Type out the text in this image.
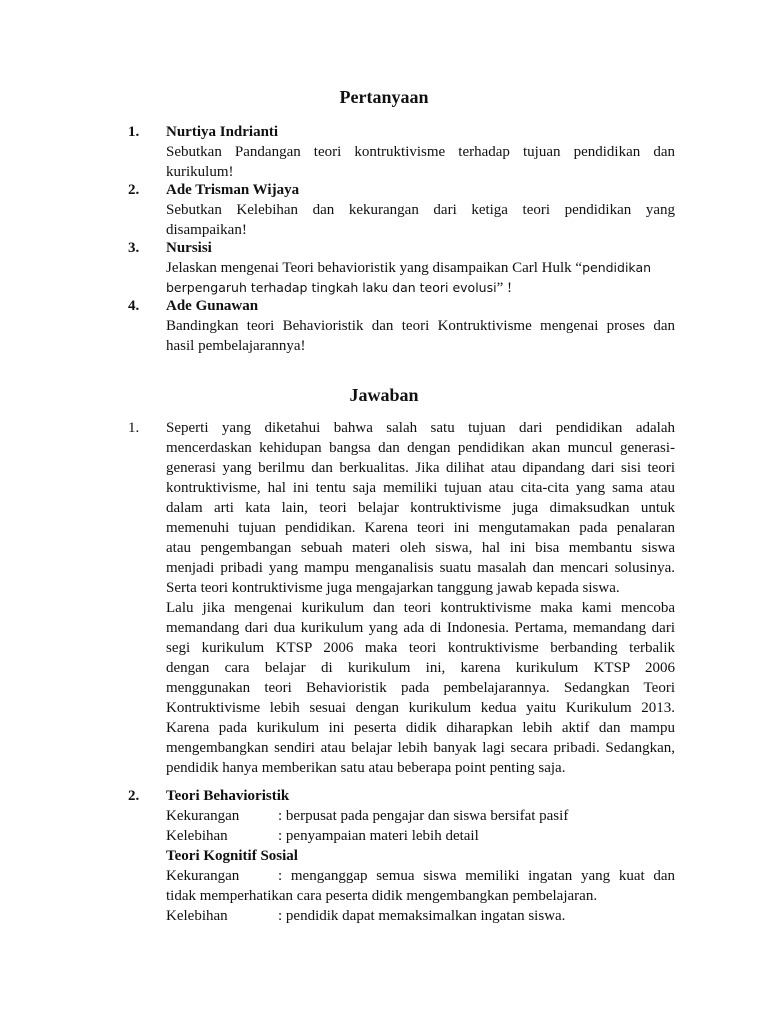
Pertanyaan
1. Nurtiya Indrianti
Sebutkan Pandangan teori kontruktivisme terhadap tujuan pendidikan dan
kurikulum!
2. Ade Trisman Wijaya
Sebutkan Kelebihan dan kekurangan dari ketiga teori pendidikan yang
disampaikan!
3. Nursisi
Jelaskan mengenai Teori behavioristik yang disampaikan Carl Hulk “pendidikan
berpengaruh terhadap tingkah laku dan teori evolusi” !
4. Ade Gunawan
Bandingkan teori Behavioristik dan teori Kontruktivisme mengenai proses dan
hasil pembelajarannya!
Jawaban
1. Seperti yang diketahui bahwa salah satu tujuan dari pendidikan adalah
mencerdaskan kehidupan bangsa dan dengan pendidikan akan muncul generasi-
generasi yang berilmu dan berkualitas. Jika dilihat atau dipandang dari sisi teori
kontruktivisme, hal ini tentu saja memiliki tujuan atau cita-cita yang sama atau
dalam arti kata lain, teori belajar kontruktivisme juga dimaksudkan untuk
memenuhi tujuan pendidikan. Karena teori ini mengutamakan pada penalaran
atau pengembangan sebuah materi oleh siswa, hal ini bisa membantu siswa
menjadi pribadi yang mampu menganalisis suatu masalah dan mencari solusinya.
Serta teori kontruktivisme juga mengajarkan tanggung jawab kepada siswa.
Lalu jika mengenai kurikulum dan teori kontruktivisme maka kami mencoba
memandang dari dua kurikulum yang ada di Indonesia. Pertama, memandang dari
segi kurikulum KTSP 2006 maka teori kontruktivisme berbanding terbalik
dengan cara belajar di kurikulum ini, karena kurikulum KTSP 2006
menggunakan teori Behavioristik pada pembelajarannya. Sedangkan Teori
Kontruktivisme lebih sesuai dengan kurikulum kedua yaitu Kurikulum 2013.
Karena pada kurikulum ini peserta didik diharapkan lebih aktif dan mampu
mengembangkan sendiri atau belajar lebih banyak lagi secara pribadi. Sedangkan,
pendidik hanya memberikan satu atau beberapa point penting saja.
2. Teori Behavioristik
Kekurangan	: berpusat pada pengajar dan siswa bersifat pasif
Kelebihan	: penyampaian materi lebih detail
Teori Kognitif Sosial
Kekurangan	: menganggap semua siswa memiliki ingatan yang kuat dan
tidak memperhatikan cara peserta didik mengembangkan pembelajaran.
Kelebihan	: pendidik dapat memaksimalkan ingatan siswa.
